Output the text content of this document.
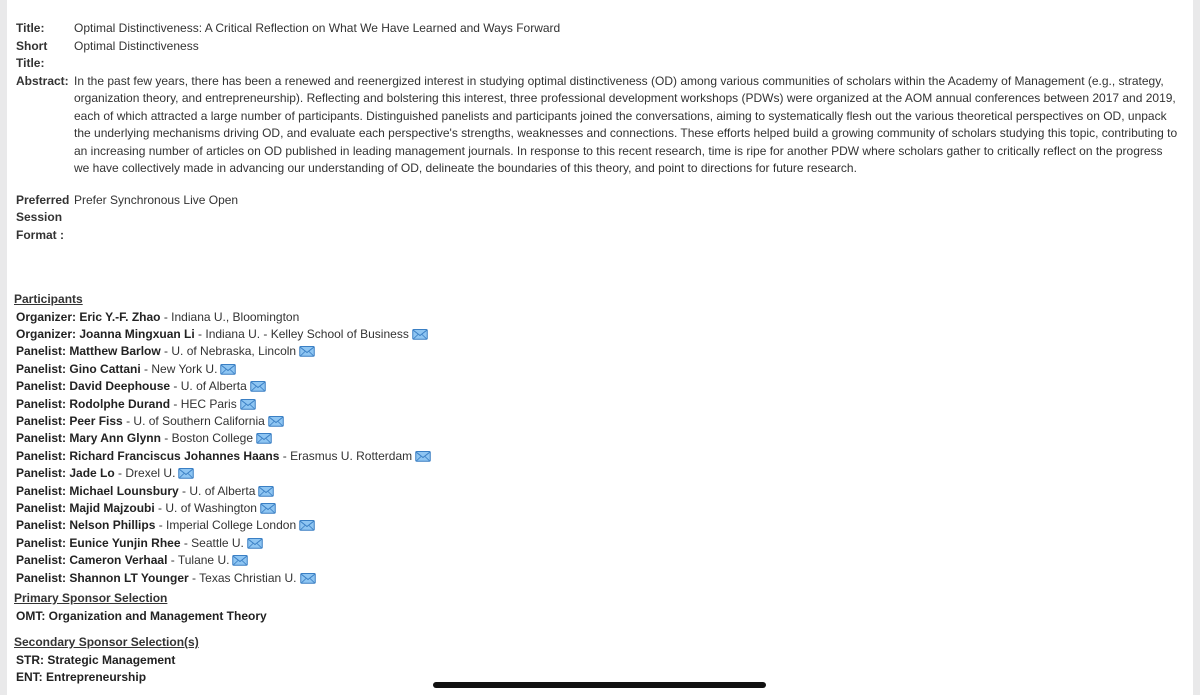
Title:	Optimal Distinctiveness: A Critical Reflection on What We Have Learned and Ways Forward
Short Title:
Optimal Distinctiveness
Abstract: In the past few years, there has been a renewed and reenergized interest in studying optimal distinctiveness (OD) among various communities of scholars within the Academy of Management (e.g., strategy, organization theory, and entrepreneurship). Reflecting and bolstering this interest, three professional development workshops (PDWs) were organized at the AOM annual conferences between 2017 and 2019, each of which attracted a large number of participants. Distinguished panelists and participants joined the conversations, aiming to systematically flesh out the various theoretical perspectives on OD, unpack the underlying mechanisms driving OD, and evaluate each perspective's strengths, weaknesses and connections. These efforts helped build a growing community of scholars studying this topic, contributing to an increasing number of articles on OD published in leading management journals. In response to this recent research, time is ripe for another PDW where scholars gather to critically reflect on the progress we have collectively made in advancing our understanding of OD, delineate the boundaries of this theory, and point to directions for future research.
Preferred Session Format :
Prefer Synchronous Live Open
Participants
Organizer: Eric Y.-F. Zhao - Indiana U., Bloomington
Organizer: Joanna Mingxuan Li - Indiana U. - Kelley School of Business
Panelist: Matthew Barlow - U. of Nebraska, Lincoln
Panelist: Gino Cattani - New York U.
Panelist: David Deephouse - U. of Alberta
Panelist: Rodolphe Durand - HEC Paris
Panelist: Peer Fiss - U. of Southern California
Panelist: Mary Ann Glynn - Boston College
Panelist: Richard Franciscus Johannes Haans - Erasmus U. Rotterdam
Panelist: Jade Lo - Drexel U.
Panelist: Michael Lounsbury - U. of Alberta
Panelist: Majid Majzoubi - U. of Washington
Panelist: Nelson Phillips - Imperial College London
Panelist: Eunice Yunjin Rhee - Seattle U.
Panelist: Cameron Verhaal - Tulane U.
Panelist: Shannon LT Younger - Texas Christian U.
Primary Sponsor Selection
OMT: Organization and Management Theory
Secondary Sponsor Selection(s)
STR: Strategic Management
ENT: Entrepreneurship
